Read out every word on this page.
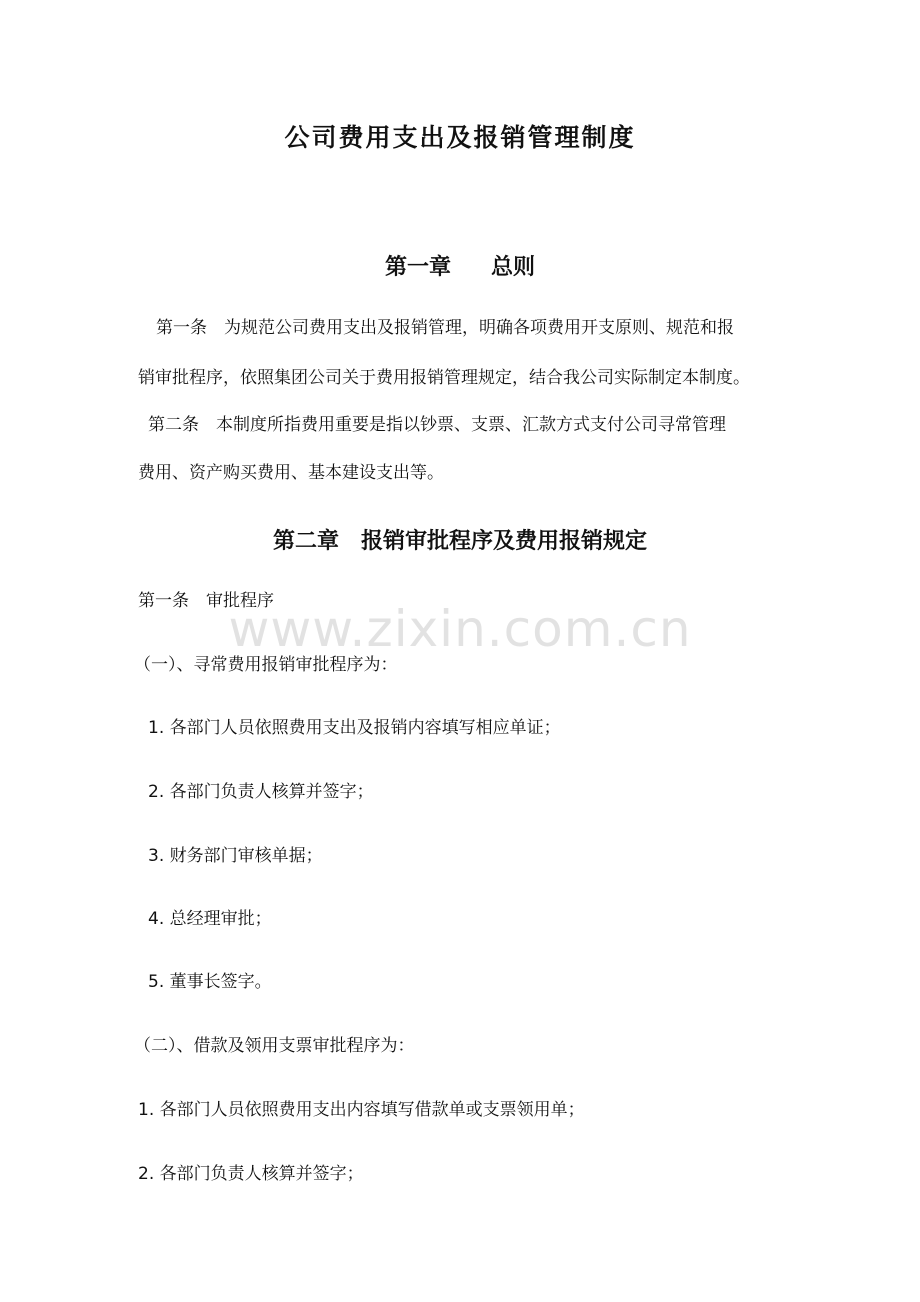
公司费用支出及报销管理制度
第一章 总则
第一条　为规范公司费用支出及报销管理，明确各项费用开支原则、规范和报
销审批程序，依照集团公司关于费用报销管理规定，结合我公司实际制定本制度。
第二条　本制度所指费用重要是指以钞票、支票、汇款方式支付公司寻常管理
费用、资产购买费用、基本建设支出等。
第二章 报销审批程序及费用报销规定
第一条　审批程序
（一）、寻常费用报销审批程序为：
1. 各部门人员依照费用支出及报销内容填写相应单证；
2. 各部门负责人核算并签字；
3. 财务部门审核单据；
4. 总经理审批；
5. 董事长签字。
（二）、借款及领用支票审批程序为：
1. 各部门人员依照费用支出内容填写借款单或支票领用单；
2. 各部门负责人核算并签字；
www.zixin.com.cn
